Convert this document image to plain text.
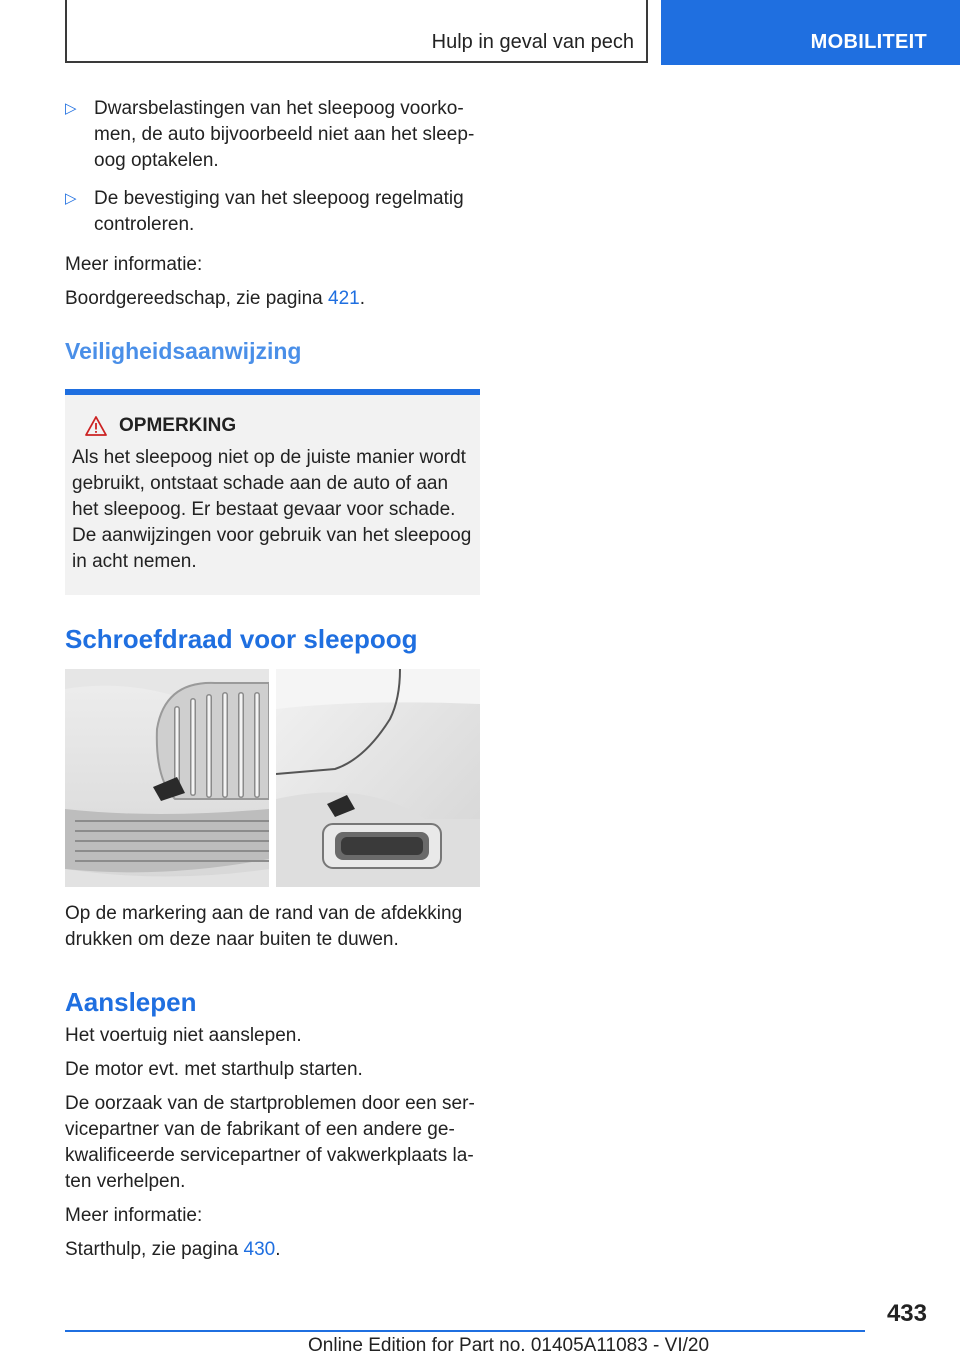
Hulp in geval van pech	MOBILITEIT
▷ Dwarsbelastingen van het sleepoog voorkomen, de auto bijvoorbeeld niet aan het sleepoog optakelen.
▷ De bevestiging van het sleepoog regelmatig controleren.

Meer informatie:

Boordgereedschap, zie pagina 421.

Veiligheidsaanwijzing
OPMERKING
Als het sleepoog niet op de juiste manier wordt gebruikt, ontstaat schade aan de auto of aan het sleepoog. Er bestaat gevaar voor schade. De aanwijzingen voor gebruik van het sleepoog in acht nemen.
Schroefdraad voor sleepoog

Op de markering aan de rand van de afdekking drukken om deze naar buiten te duwen.

Aanslepen

Het voertuig niet aanslepen.

De motor evt. met starthulp starten.

De oorzaak van de startproblemen door een servicepartner van de fabrikant of een andere gekwalificeerde servicepartner of vakwerkplaats laten verhelpen.

Meer informatie:

Starthulp, zie pagina 430.

433
Online Edition for Part no. 01405A11083 - VI/20
